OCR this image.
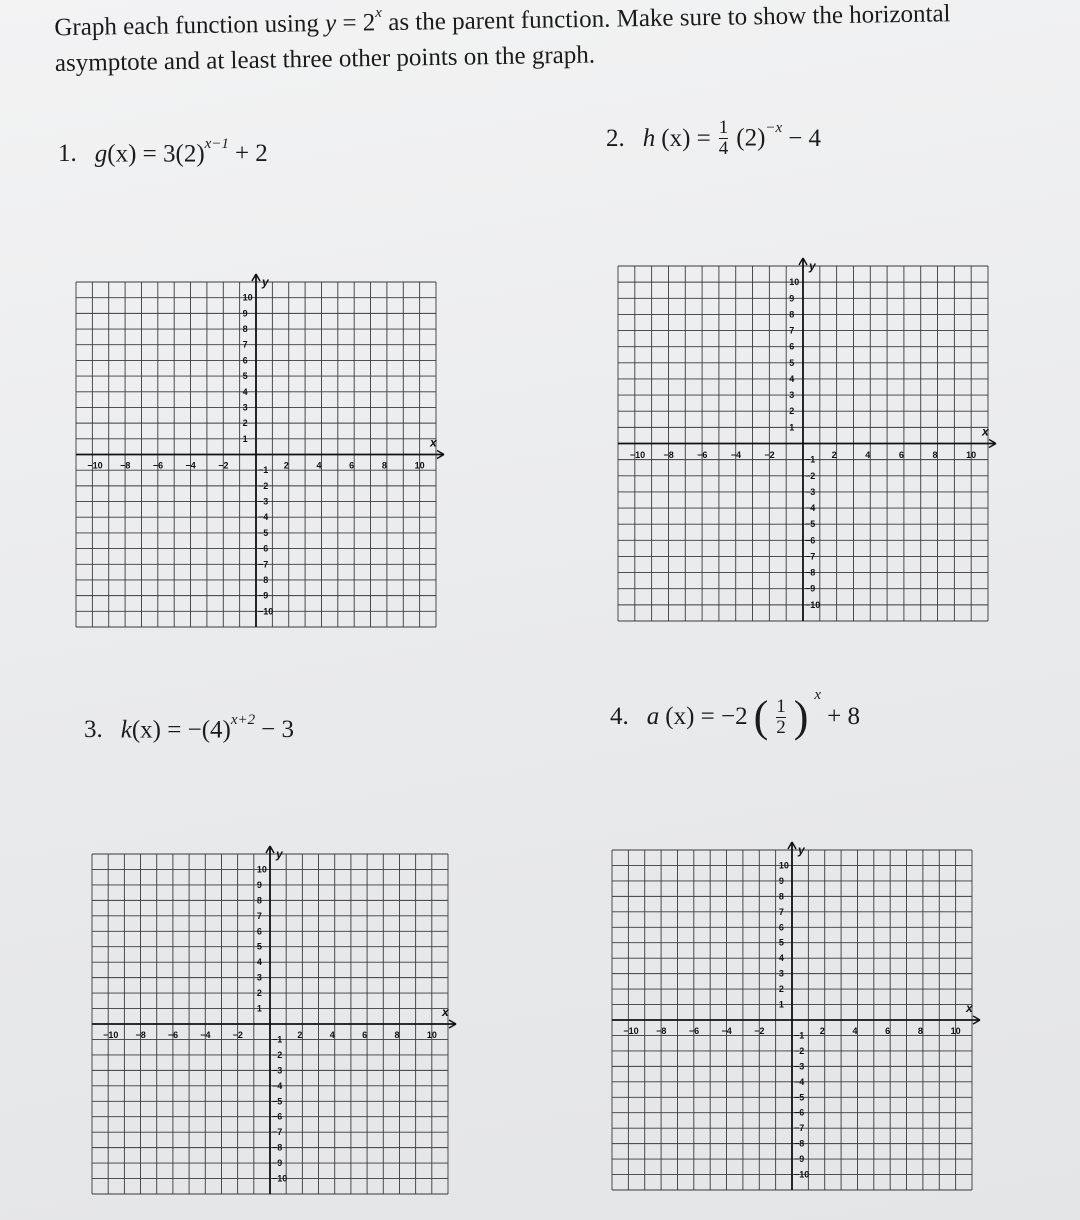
Graph each function using $y = 2^x$ as the parent function. Make sure to show the horizontal
asymptote and at least three other points on the graph.
1. $g(x) = 3(2)^{x-1} + 2$
2. h $(x) = \frac{1}{4} (2)^{-x} - 4$
3. $k(x) = -(4)^{x+2} - 3$	4. a (x) = −2 ( $\frac{1}{2}$ ) x
+ 8
x
y
−10 −8 −6 −4 −2	2	4	6	8	10
10
−1
9
−2
8
−3
7
−4
6
−5
5
−6
4
−7
3
−8
2
−9
1
−10
x
y
−10 −8	−6	−4	−2	2	4	6	8	10
10
−1
9
−2
8
−3
7
−4
6
−5
5
−6
4
−7
3
−8
2
−9
1
−10
x
y
−10 −8 −6 −4 −2	2	4	6	8	10
10
−1
9
−2
8
−3
7
−4
6
−5
5
−6
4
−7
3
−8
2
−9
1
−10
x
y
−10 −8 −6 −4 −2	2	4	6	8	10
10
−1
9
−2
8
−3
7
−4
6
−5
5
−6
4
−7
3
−8
2
−9
1
−10
